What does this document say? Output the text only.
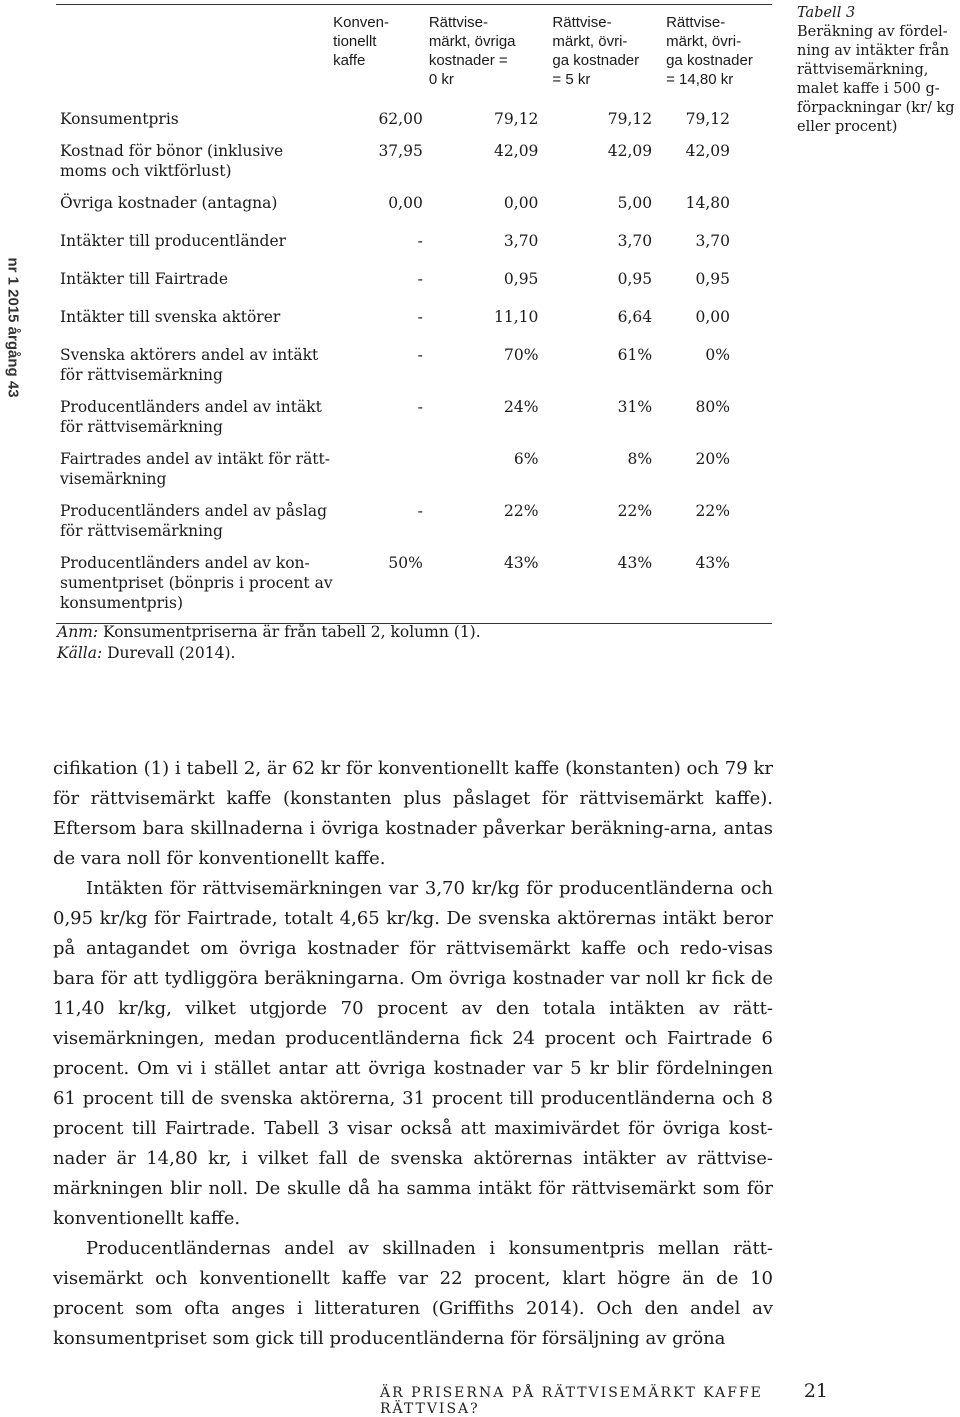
nr 1 2015 årgång 43
	Konven-
tionellt
kaffe	Rättvise-
märkt, övriga
kostnader =
0 kr	Rättvise-
märkt, övri-
ga kostnader
= 5 kr	Rättvise-
märkt, övri-
ga kostnader
= 14,80 kr
Konsumentpris	62,00	79,12	79,12	79,12
Kostnad för bönor (inklusive moms och viktförlust)	37,95	42,09	42,09	42,09
Övriga kostnader (antagna)	0,00	0,00	5,00	14,80
Intäkter till producentländer	-	3,70	3,70	3,70
Intäkter till Fairtrade	-	0,95	0,95	0,95
Intäkter till svenska aktörer	-	11,10	6,64	0,00
Svenska aktörers andel av intäkt för rättvisemärkning	-	70%	61%	0%
Producentländers andel av intäkt för rättvisemärkning	-	24%	31%	80%
Fairtrades andel av intäkt för rätt-visemärkning		6%	8%	20%
Producentländers andel av påslag för rättvisemärkning	-	22%	22%	22%
Producentländers andel av kon-sumentpriset (bönpris i procent av konsumentpris)	50%	43%	43%	43%
Tabell 3
Beräkning av fördel-ning av intäkter från rättvisemärkning, malet kaffe i 500 g-förpackningar (kr/ kg eller procent)
Anm: Konsumentpriserna är från tabell 2, kolumn (1).
Källa: Durevall (2014).

cifikation (1) i tabell 2, är 62 kr för konventionellt kaffe (konstanten) och 79 kr för rättvisemärkt kaffe (konstanten plus påslaget för rättvisemärkt kaffe). Eftersom bara skillnaderna i övriga kostnader påverkar beräkning-arna, antas de vara noll för konventionellt kaffe.

Intäkten för rättvisemärkningen var 3,70 kr/kg för producentländerna och 0,95 kr/kg för Fairtrade, totalt 4,65 kr/kg. De svenska aktörernas intäkt beror på antagandet om övriga kostnader för rättvisemärkt kaffe och redo-visas bara för att tydliggöra beräkningarna. Om övriga kostnader var noll kr fick de 11,40 kr/kg, vilket utgjorde 70 procent av den totala intäkten av rätt-visemärkningen, medan producentländerna fick 24 procent och Fairtrade 6 procent. Om vi i stället antar att övriga kostnader var 5 kr blir fördelningen 61 procent till de svenska aktörerna, 31 procent till producentländerna och 8 procent till Fairtrade. Tabell 3 visar också att maximivärdet för övriga kost-nader är 14,80 kr, i vilket fall de svenska aktörernas intäkter av rättvise-märkningen blir noll. De skulle då ha samma intäkt för rättvisemärkt som för konventionellt kaffe.

Producentländernas andel av skillnaden i konsumentpris mellan rätt-visemärkt och konventionellt kaffe var 22 procent, klart högre än de 10 procent som ofta anges i litteraturen (Griffiths 2014). Och den andel av konsumentpriset som gick till producentländerna för försäljning av gröna

ÄR PRISERNA PÅ RÄTTVISEMÄRKT KAFFE RÄTTVISA?
21
